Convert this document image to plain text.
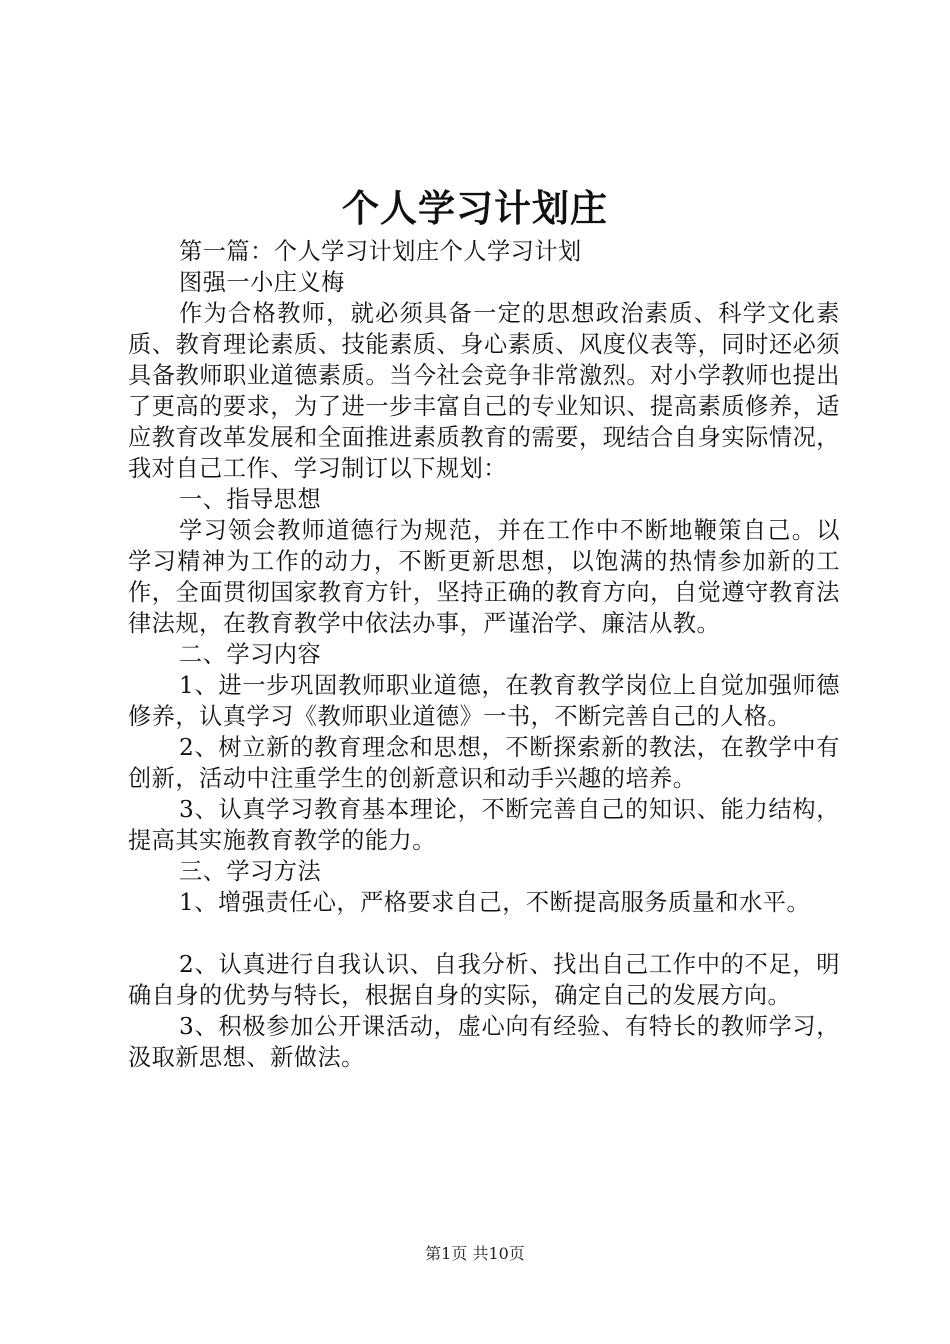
个人学习计划庄

第一篇：个人学习计划庄个人学习计划

图强一小庄义梅

作为合格教师，就必须具备一定的思想政治素质、科学文化素质、教育理论素质、技能素质、身心素质、风度仪表等，同时还必须具备教师职业道德素质。当今社会竞争非常激烈。对小学教师也提出了更高的要求，为了进一步丰富自己的专业知识、提高素质修养，适应教育改革发展和全面推进素质教育的需要，现结合自身实际情况，我对自己工作、学习制订以下规划：

一、指导思想

学习领会教师道德行为规范，并在工作中不断地鞭策自己。以学习精神为工作的动力，不断更新思想，以饱满的热情参加新的工作，全面贯彻国家教育方针，坚持正确的教育方向，自觉遵守教育法律法规，在教育教学中依法办事，严谨治学、廉洁从教。

二、学习内容

1、进一步巩固教师职业道德，在教育教学岗位上自觉加强师德修养，认真学习《教师职业道德》一书，不断完善自己的人格。

2、树立新的教育理念和思想，不断探索新的教法，在教学中有创新，活动中注重学生的创新意识和动手兴趣的培养。

3、认真学习教育基本理论，不断完善自己的知识、能力结构，提高其实施教育教学的能力。

三、学习方法

1、增强责任心，严格要求自己，不断提高服务质量和水平。

2、认真进行自我认识、自我分析、找出自己工作中的不足，明确自身的优势与特长，根据自身的实际，确定自己的发展方向。

3、积极参加公开课活动，虚心向有经验、有特长的教师学习，汲取新思想、新做法。

第1页 共10页
